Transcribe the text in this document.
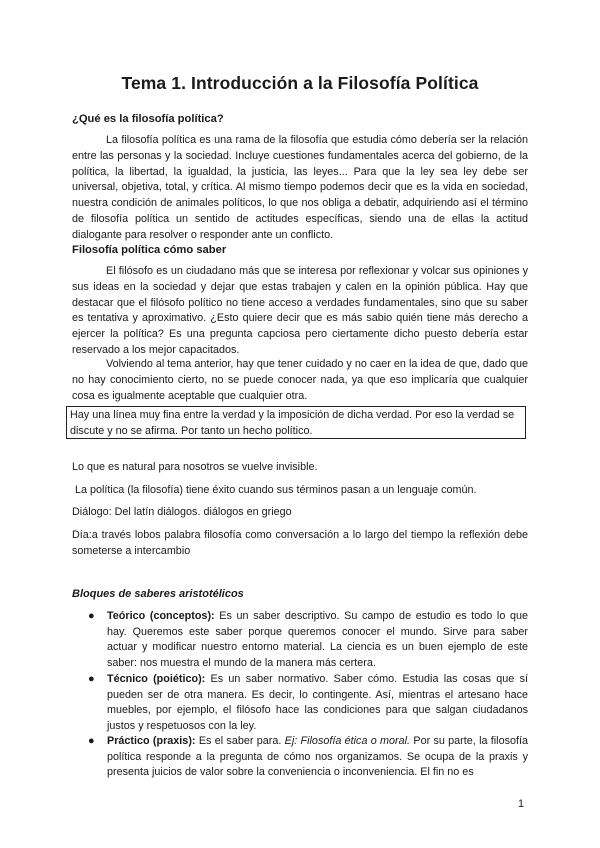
Tema 1. Introducción a la Filosofía Política
¿Qué es la filosofía política?
La filosofía política es una rama de la filosofía que estudia cómo debería ser la relación entre las personas y la sociedad. Incluye cuestiones fundamentales acerca del gobierno, de la política, la libertad, la igualdad, la justicia, las leyes... Para que la ley sea ley debe ser universal, objetiva, total, y crítica. Al mismo tiempo podemos decir que es la vida en sociedad, nuestra condición de animales políticos, lo que nos obliga a debatir, adquiriendo así el término de filosofía política un sentido de actitudes específicas, siendo una de ellas la actitud dialogante para resolver o responder ante un conflicto.
Filosofía política cómo saber
El filósofo es un ciudadano más que se interesa por reflexionar y volcar sus opiniones y sus ideas en la sociedad y dejar que estas trabajen y calen en la opinión pública. Hay que destacar que el filósofo político no tiene acceso a verdades fundamentales, sino que su saber es tentativa y aproximativo. ¿Esto quiere decir que es más sabio quién tiene más derecho a ejercer la política? Es una pregunta capciosa pero ciertamente dicho puesto debería estar reservado a los mejor capacitados.
Volviendo al tema anterior, hay que tener cuidado y no caer en la idea de que, dado que no hay conocimiento cierto, no se puede conocer nada, ya que eso implicaría que cualquier cosa es igualmente aceptable que cualquier otra.
Hay una línea muy fina entre la verdad y la imposición de dicha verdad. Por eso la verdad se discute y no se afirma. Por tanto un hecho político.
Lo que es natural para nosotros se vuelve invisible.
La política (la filosofía) tiene éxito cuando sus términos pasan a un lenguaje común.
Diálogo: Del latín diálogos. diálogos en griego
Día:a través lobos palabra filosofía como conversación a lo largo del tiempo la reflexión debe someterse a intercambio
Bloques de saberes aristotélicos
● Teórico (conceptos): Es un saber descriptivo. Su campo de estudio es todo lo que hay. Queremos este saber porque queremos conocer el mundo. Sirve para saber actuar y modificar nuestro entorno material. La ciencia es un buen ejemplo de este saber: nos muestra el mundo de la manera más certera.
● Técnico (poiético): Es un saber normativo. Saber cómo. Estudia las cosas que sí pueden ser de otra manera. Es decir, lo contingente. Así, mientras el artesano hace muebles, por ejemplo, el filósofo hace las condiciones para que salgan ciudadanos justos y respetuosos con la ley.
● Práctico (praxis): Es el saber para. Ej: Filosofía ética o moral. Por su parte, la filosofía política responde a la pregunta de cómo nos organizamos. Se ocupa de la praxis y presenta juicios de valor sobre la conveniencia o inconveniencia. El fin no es
1
